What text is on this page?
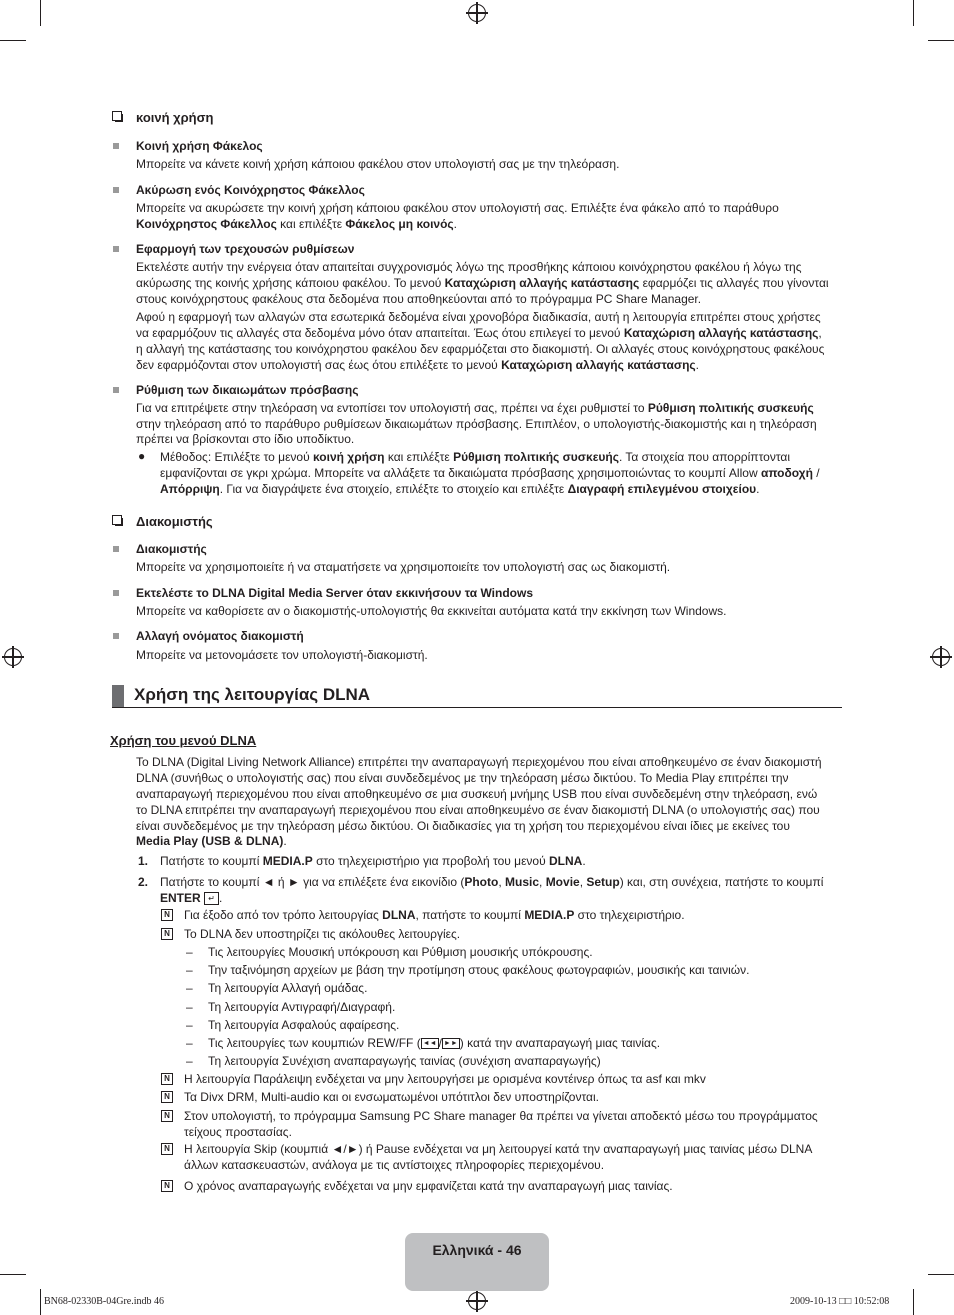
κοινή χρήση
Κοινή χρήση Φάκελος
Μπορείτε να κάνετε κοινή χρήση κάποιου φακέλου στον υπολογιστή σας με την τηλεόραση.
Ακύρωση ενός Κοινόχρηστος Φάκελλος
Μπορείτε να ακυρώσετε την κοινή χρήση κάποιου φακέλου στον υπολογιστή σας. Επιλέξτε ένα φάκελο από το παράθυρο
Κοινόχρηστος Φάκελλος και επιλέξτε Φάκελος μη κοινός.
Εφαρμογή των τρεχουσών ρυθμίσεων
Εκτελέστε αυτήν την ενέργεια όταν απαιτείται συγχρονισμός λόγω της προσθήκης κάποιου κοινόχρηστου φακέλου ή λόγω της
ακύρωσης της κοινής χρήσης κάποιου φακέλου. Το μενού Καταχώριση αλλαγής κατάστασης εφαρμόζει τις αλλαγές που γίνονται
στους κοινόχρηστους φακέλους στα δεδομένα που αποθηκεύονται από το πρόγραμμα PC Share Manager.
Αφού η εφαρμογή των αλλαγών στα εσωτερικά δεδομένα είναι χρονοβόρα διαδικασία, αυτή η λειτουργία επιτρέπει στους χρήστες
να εφαρμόζουν τις αλλαγές στα δεδομένα μόνο όταν απαιτείται. Έως ότου επιλεγεί το μενού Καταχώριση αλλαγής κατάστασης,
η αλλαγή της κατάστασης του κοινόχρηστου φακέλου δεν εφαρμόζεται στο διακομιστή. Οι αλλαγές στους κοινόχρηστους φακέλους
δεν εφαρμόζονται στον υπολογιστή σας έως ότου επιλέξετε το μενού Καταχώριση αλλαγής κατάστασης.
Ρύθμιση των δικαιωμάτων πρόσβασης
Για να επιτρέψετε στην τηλεόραση να εντοπίσει τον υπολογιστή σας, πρέπει να έχει ρυθμιστεί το Ρύθμιση πολιτικής συσκευής
στην τηλεόραση από το παράθυρο ρυθμίσεων δικαιωμάτων πρόσβασης. Επιπλέον, ο υπολογιστής-διακομιστής και η τηλεόραση
πρέπει να βρίσκονται στο ίδιο υποδίκτυο.
● Μέθοδος: Επιλέξτε το μενού κοινή χρήση και επιλέξτε Ρύθμιση πολιτικής συσκευής. Τα στοιχεία που απορρίπτονται
εμφανίζονται σε γκρι χρώμα. Μπορείτε να αλλάξετε τα δικαιώματα πρόσβασης χρησιμοποιώντας το κουμπί Allow αποδοχή /
Απόρριψη. Για να διαγράψετε ένα στοιχείο, επιλέξτε το στοιχείο και επιλέξτε Διαγραφή επιλεγμένου στοιχείου.
Διακομιστής
Διακομιστής
Μπορείτε να χρησιμοποιείτε ή να σταματήσετε να χρησιμοποιείτε τον υπολογιστή σας ως διακομιστή.
Εκτελέστε το DLNA Digital Media Server όταν εκκινήσουν τα Windows
Μπορείτε να καθορίσετε αν ο διακομιστής-υπολογιστής θα εκκινείται αυτόματα κατά την εκκίνηση των Windows.
Αλλαγή ονόματος διακομιστή
Μπορείτε να μετονομάσετε τον υπολογιστή-διακομιστή.
Χρήση της λειτουργίας DLNA
Χρήση του μενού DLNA
Το DLNA (Digital Living Network Alliance) επιτρέπει την αναπαραγωγή περιεχομένου που είναι αποθηκευμένο σε έναν διακομιστή
DLNA (συνήθως ο υπολογιστής σας) που είναι συνδεδεμένος με την τηλεόραση μέσω δικτύου. Το Media Play επιτρέπει την
αναπαραγωγή περιεχομένου που είναι αποθηκευμένο σε μια συσκευή μνήμης USB που είναι συνδεδεμένη στην τηλεόραση, ενώ
το DLNA επιτρέπει την αναπαραγωγή περιεχομένου που είναι αποθηκευμένο σε έναν διακομιστή DLNA (ο υπολογιστής σας) που
είναι συνδεδεμένος με την τηλεόραση μέσω δικτύου. Οι διαδικασίες για τη χρήση του περιεχομένου είναι ίδιες με εκείνες του
Media Play (USB & DLNA).
1. Πατήστε το κουμπί MEDIA.P στο τηλεχειριστήριο για προβολή του μενού DLNA.
2. Πατήστε το κουμπί ◄ ή ► για να επιλέξετε ένα εικονίδιο (Photo, Music, Movie, Setup) και, στη συνέχεια, πατήστε το κουμπί
ENTER ↵ .
N
Για έξοδο από τον τρόπο λειτουργίας DLNA, πατήστε το κουμπί MEDIA.P στο τηλεχειριστήριο.
N
Το DLNA δεν υποστηρίζει τις ακόλουθες λειτουργίες.
– Τις λειτουργίες Μουσική υπόκρουση και Ρύθμιση μουσικής υπόκρουσης.
– Την ταξινόμηση αρχείων με βάση την προτίμηση στους φακέλους φωτογραφιών, μουσικής και ταινιών.
– Τη λειτουργία Αλλαγή ομάδας.
– Τη λειτουργία Αντιγραφή/Διαγραφή.
– Τη λειτουργία Ασφαλούς αφαίρεσης.
– Τις λειτουργίες των κουμπιών REW/FF ( ◄◄ / ►► ) κατά την αναπαραγωγή μιας ταινίας.
– Τη λειτουργία Συνέχιση αναπαραγωγής ταινίας (συνέχιση αναπαραγωγής)
N
Η λειτουργία Παράλειψη ενδέχεται να μην λειτουργήσει με ορισμένα κοντέινερ όπως τα asf και mkv
N
Τα Divx DRM, Multi-audio και οι ενσωματωμένοι υπότιτλοι δεν υποστηρίζονται.
N
Στον υπολογιστή, το πρόγραμμα Samsung PC Share manager θα πρέπει να γίνεται αποδεκτό μέσω του προγράμματος
τείχους προστασίας.
N
Η λειτουργία Skip (κουμπιά ◄/►) ή Pause ενδέχεται να μη λειτουργεί κατά την αναπαραγωγή μιας ταινίας μέσω DLNA
άλλων κατασκευαστών, ανάλογα με τις αντίστοιχες πληροφορίες περιεχομένου.
N
Ο χρόνος αναπαραγωγής ενδέχεται να μην εμφανίζεται κατά την αναπαραγωγή μιας ταινίας.
Ελληνικά - 46
BN68-02330B-04Gre.indb 46	2009-10-13 □□ 10:52:08
